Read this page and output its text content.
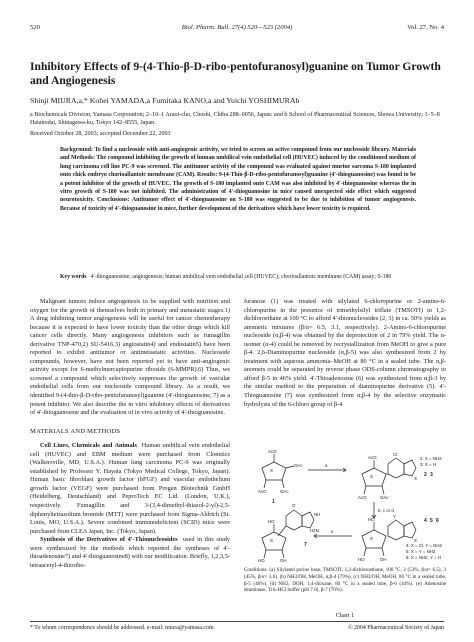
520	Biol. Pharm. Bull. 27(4) 520—523 (2004)	Vol. 27, No. 4
Inhibitory Effects of 9-(4-Thio-β-D-ribo-pentofuranosyl)guanine on Tumor Growth and Angiogenesis
Shinji MIURA,a,* Kohei YAMADA,a Fumitaka KANO,a and Yuichi YOSHIMURAb
a Biochemicals Division, Yamasa Corporation; 2–10–1 Araoi-cho, Choshi, Chiba 288–0056, Japan: and b School of Pharmaceutical Sciences, Showa University; 1–5–8 Hatanodai, Shinagawa-ku, Tokyo 142–8555, Japan.
Received October 28, 2003; accepted December 22, 2003
Background: To find a nucleoside with anti-angiogenic activity, we tried to screen an active compound from our nucleoside library. Materials and Methods: The compound inhibiting the growth of human umbilical vein endothelial cell (HUVEC) induced by the conditioned medium of lung carcinoma cell line PC-9 was screened. The antitumor activity of the compound was evaluated against murine sarcoma S-180 implanted onto chick embryo chorioallantoic membrane (CAM). Results: 9-(4-Thio-β-D-ribo-pentofuranosyl)guanine (4′-thioguanosine) was found to be a potent inhibitor of the growth of HUVEC. The growth of S-180 implanted onto CAM was also inhibited by 4′-thioguanosine whereas the in vitro growth of S-180 was not inhibited. The administration of 4′-thioguanosine in mice caused unexpected side effect which suggested neurotoxicity. Conclusions: Antitumor effect of 4′-thioguanosine on S-180 was suggested to be due to inhibition of tumor angiogenesis. Because of toxicity of 4′-thioguanosine in mice, further development of the derivatives which have lower toxicity is required.
Key words 4′-thioguanosine; angiogenesis; human umbilical vein endothelial cell (HUVEC); chorioallantoic membrane (CAM) assay; S-180

Malignant tumors induce angiogenesis to be supplied with nutrition and oxygen for the growth of themselves both in primary and metastatic stages.1) A drug inhibiting tumor angiogenesis will be useful for cancer chemotherapy because it is expected to have lower toxicity than the other drugs which kill cancer cells directly. Many angiogenesis inhibitors such as fumagillin derivative TNP-470,2) SU-5416,3) angiostatin4) and endostatin5) have been reported to exhibit antitumor or antimetastatic activities. Nucleoside compounds, however, have not been reported yet to have anti-angiogenic activity except for 6-methylmercaptopurine riboside (6-MMPR).6) Thus, we screened a compound which selectively suppresses the growth of vascular endothelial cells from our nucleoside compound library. As a result, we identified 9-(4-thio-β-D-ribo-pentofuranosyl)guanine (4′-thioguanosine, 7) as a potent inhibitor. We also describe the in vitro inhibitory effects of derivatives of 4′-thioguanosine and the evaluation of in vivo activity of 4′-thioguanosine.

MATERIALS AND METHODS

Cell Lines, Chemicals and Animals Human umbilical vein endothelial cell (HUVEC) and EBM medium were purchased from Clonetics (Walkersville, MD, U.S.A.). Human lung carcinoma PC-9 was originally established by Professor Y. Hayata (Tokyo Medical College, Tokyo, Japan). Human basic fibroblast growth factor (bFGF) and vascular endothelium growth factor (VEGF) were purchased from Progen Biotechnik GmbH (Heidelberg, Deutschland) and PeproTech EC Ltd. (London, U.K.), respectively. Fumagillin and 3-(3,4-dimethyl-thiazol-2-yl)-2,5-diphenyltetrazolium bromide (MTT) were purchased from Sigma-Aldrich (St. Louis, MO, U.S.A.). Severe combined immunodeficient (SCID) mice were purchased from CLEA Japan, Inc. (Tokyo, Japan).

Synthesis of the Derivatives of 4′-Thionucleosides used in this study were synthesized by the methods which reported the syntheses of 4′-thioadenosine7) and 4′-thioguanosine8) with our modification. Briefly, 1,2,3,5-tetraacetyl-4-thioribo-

furanose (1) was treated with silylated 6-chloropurine or 2-amino-6-chloropurine in the presence of trimethylsilyl triflate (TMSOTf) in 1,2-dichloroethane at 100 °C to afford 4′-thionucleosides (2, 3) in ca. 50% yields as anomeric mixtures (β/α= 6.5, 3.1, respectively). 2-Amino-6-chloropurine nucleoside (α,β-4) was obtained by the deprotection of 2 in 79% yield. The α-isomer (α-4) could be removed by recrystallization from MeOH to give a pure β-4. 2,6-Diaminopurine nucleoside (α,β-5) was also synthesized from 2 by treatment with aqueous ammonia–MeOH at 80 °C in a sealed tube. The α,β-anomers could be separated by reverse phase ODS-column chromatography to afford β-5 in 46% yield. 4′-Thioadenosine (6) was synthesized from α,β-3 by the similar method to the preparation of diaminopurine derivative (5). 4′-Thioguanosine (7) was synthesized from α,β-4 by the selective enzymatic hydrolysis of the 6-chloro group of β-4

S
AcO
OAc
AcO	OAc
1
a
S
AcO
AcO	OAc
Cl
X
2: X = NH2
3: X = H
2 3
b, c or d
S
HO
HO	OH
Y
X
4: X = Cl, Y = NH2
5: X = Y = NH2
6: X = NH2, Y = H
4 5 6
e
S
HO
HO	OH
O
NH
H2N
7
Conditions: (a) Silylated purine base, TMSOTf, 1,2-dichloroethane, 100 °C, 2 (53%, β/α= 6.5), 3 (45%, β/α= 3.0). (b) NH3/OH, MeOH, α,β-4 (79%). (c) NH3/OH, MeOH, 80 °C in a sealed tube, β-5 (46%). (d) NH3, DOH, 1,4-dioxane, 80 °C in a sealed tube, β-6 (44%). (e) Adenosine deaminase, Tris-HCl buffer (pH 7.0), β-7 (70%).
Chart 1
* To whom correspondence should be addressed. e-mail: miura@yamasa.com	© 2004 Pharmaceutical Society of Japan
